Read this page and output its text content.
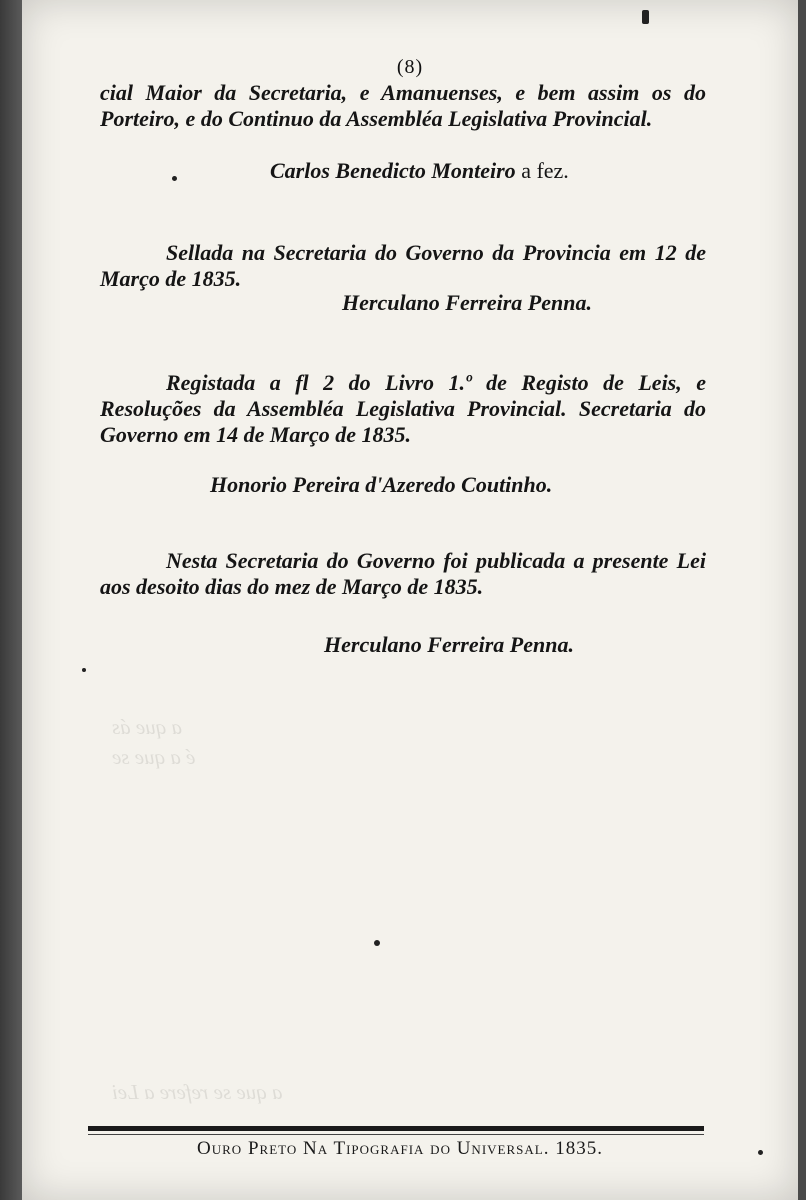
a que ás
é a que se
a que se refere a Lei
(8)
cial Maior da Secretaria, e Amanuenses, e bem assim os do Porteiro, e do Continuo da Assembléa Legislativa Provincial.
Carlos Benedicto Monteiro a fez.
Sellada na Secretaria do Governo da Provincia em 12 de Março de 1835.
Herculano Ferreira Penna.
Registada a fl 2 do Livro 1.º de Registo de Leis, e Resoluções da Assembléa Legislativa Provincial. Secretaria do Governo em 14 de Março de 1835.
Honorio Pereira d'Azeredo Coutinho.
Nesta Secretaria do Governo foi publicada a presente Lei aos desoito dias do mez de Março de 1835.
Herculano Ferreira Penna.
Ouro Preto Na Tipografia do Universal. 1835.
